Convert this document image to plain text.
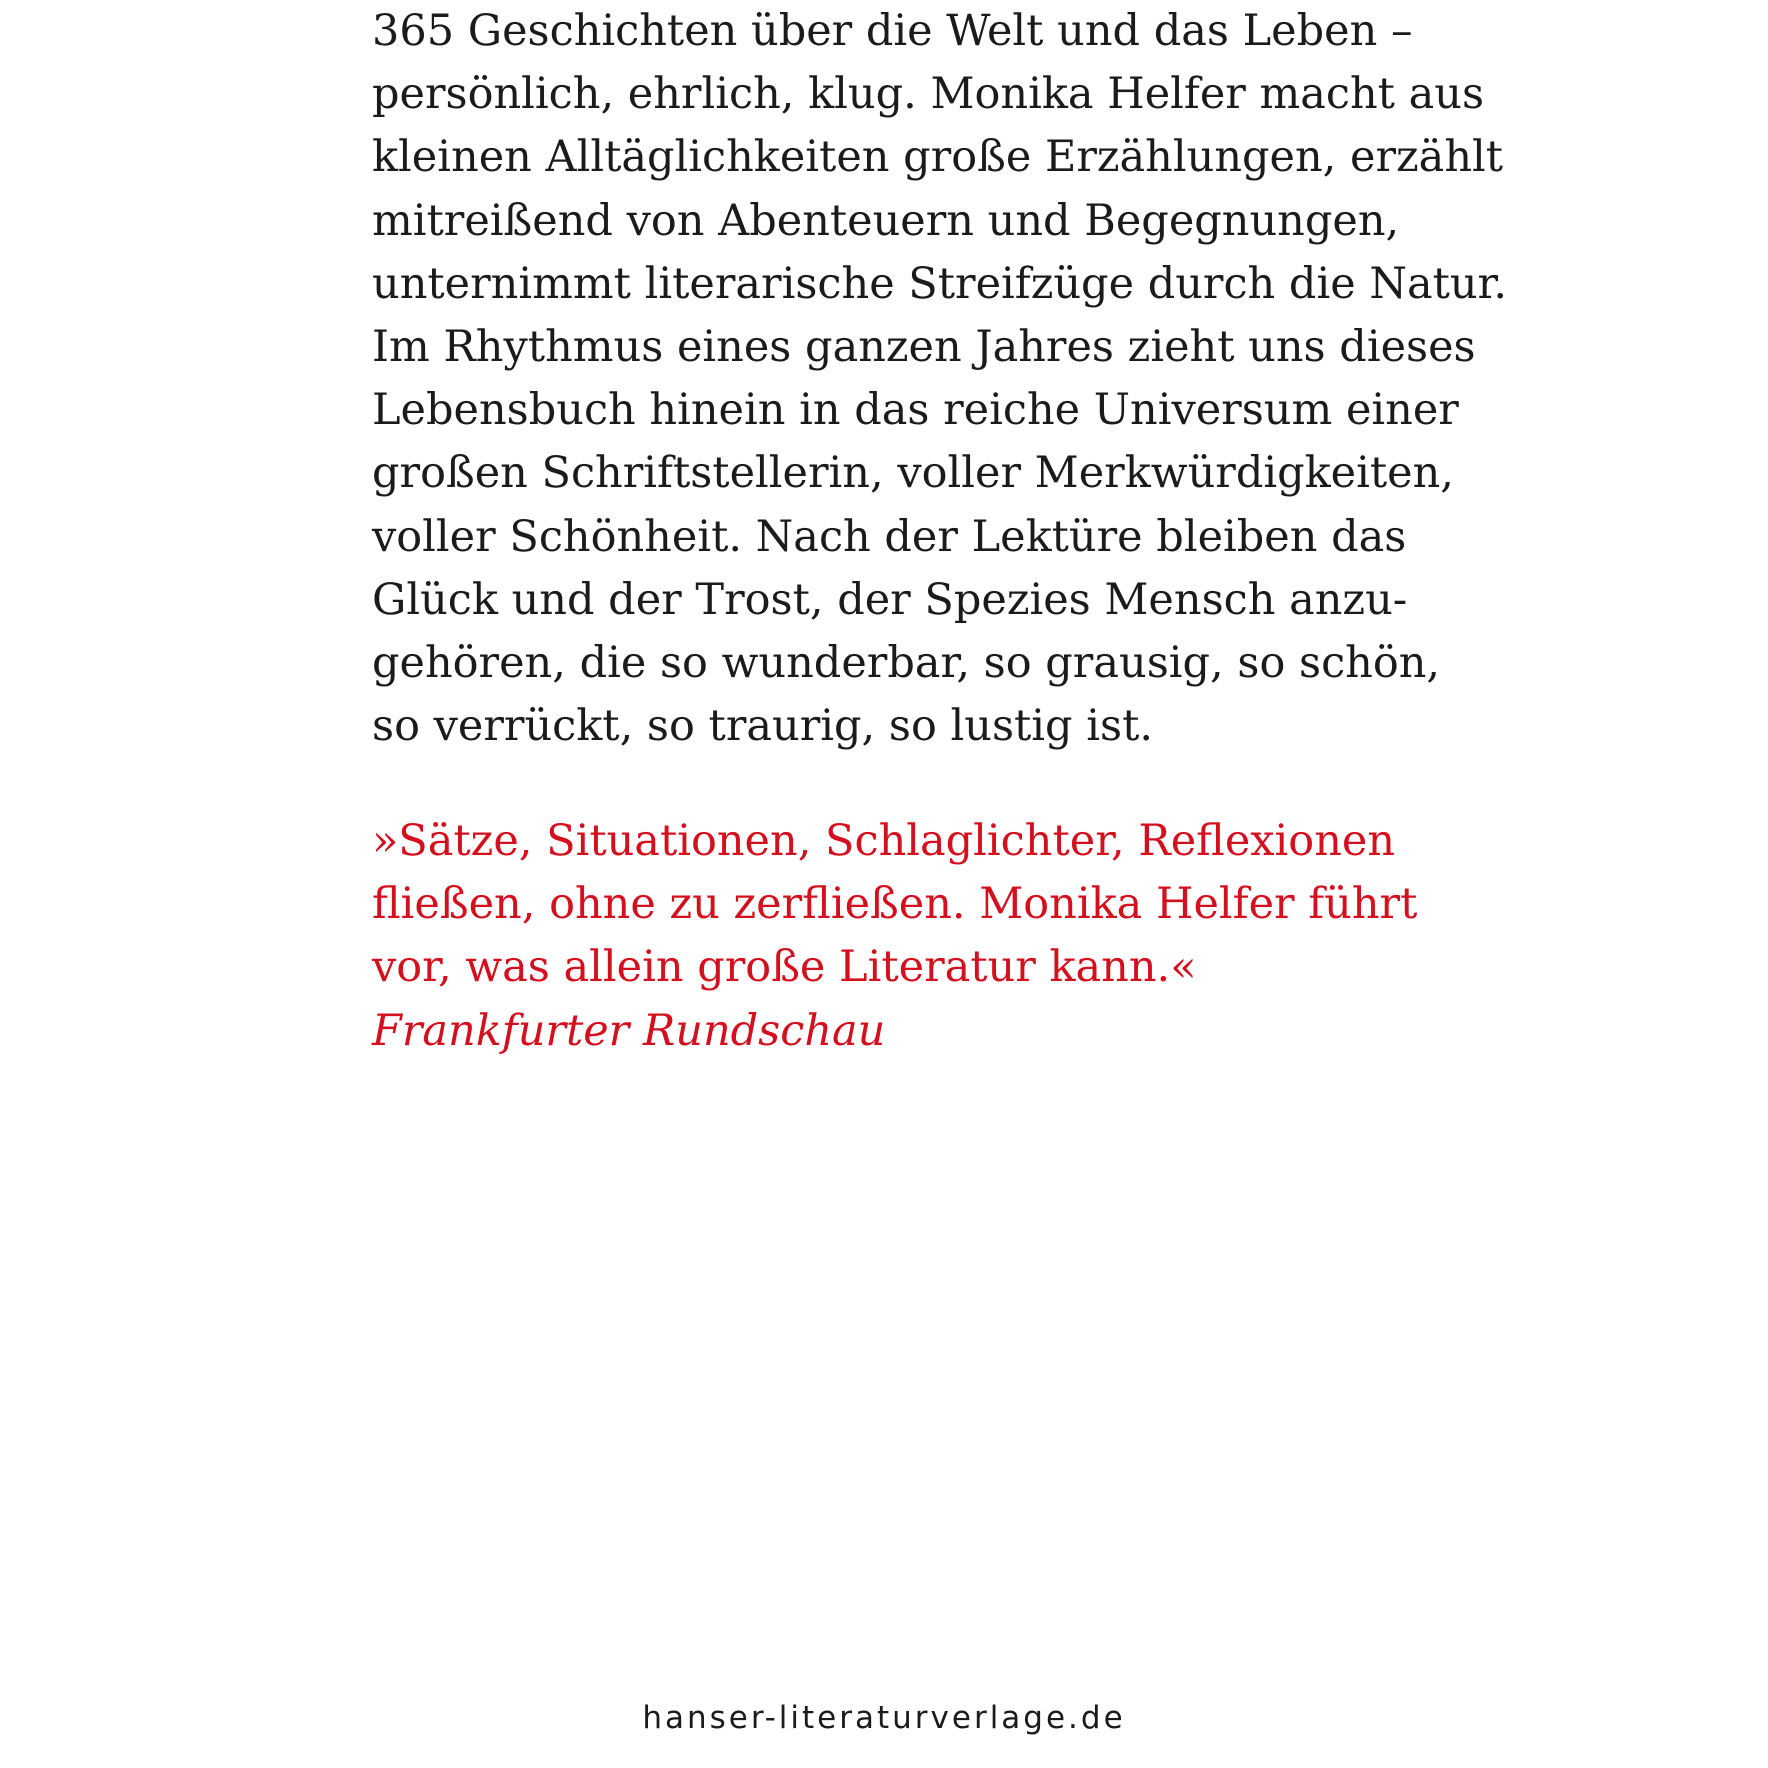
365 Geschichten über die Welt und das Leben –
persönlich, ehrlich, klug. Monika Helfer macht aus
kleinen Alltäglichkeiten große Erzählungen, erzählt
mitreißend von Abenteuern und Begegnungen,
unternimmt literarische Streifzüge durch die Natur.
Im Rhythmus eines ganzen Jahres zieht uns dieses
Lebensbuch hinein in das reiche Universum einer
großen Schriftstellerin, voller Merkwürdigkeiten,
voller Schönheit. Nach der Lektüre bleiben das
Glück und der Trost, der Spezies Mensch anzu-
gehören, die so wunderbar, so grausig, so schön,
so verrückt, so traurig, so lustig ist.
»Sätze, Situationen, Schlaglichter, Reflexionen
fließen, ohne zu zerfließen. Monika Helfer führt
vor, was allein große Literatur kann.«
Frankfurter Rundschau
hanser-literaturverlage.de
